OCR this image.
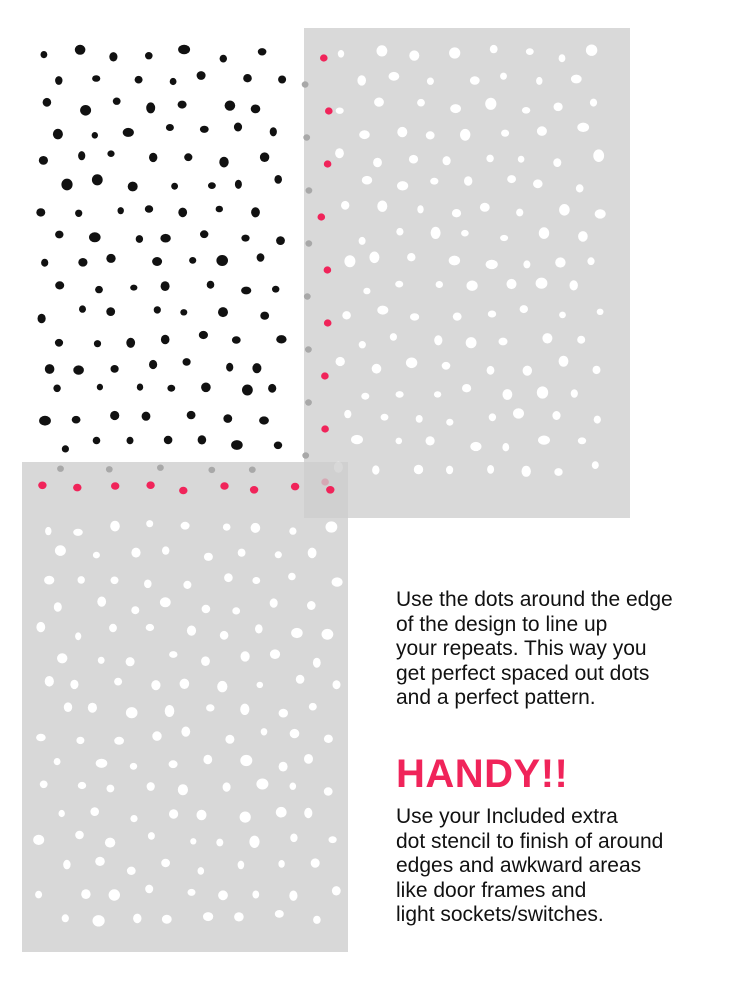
Use the dots around the edge
of the design to line up
your repeats. This way you
get perfect spaced out dots
and a perfect pattern.

HANDY!!

Use your Included extra
dot stencil to finish of around
edges and awkward areas
like door frames and
light sockets/switches.
